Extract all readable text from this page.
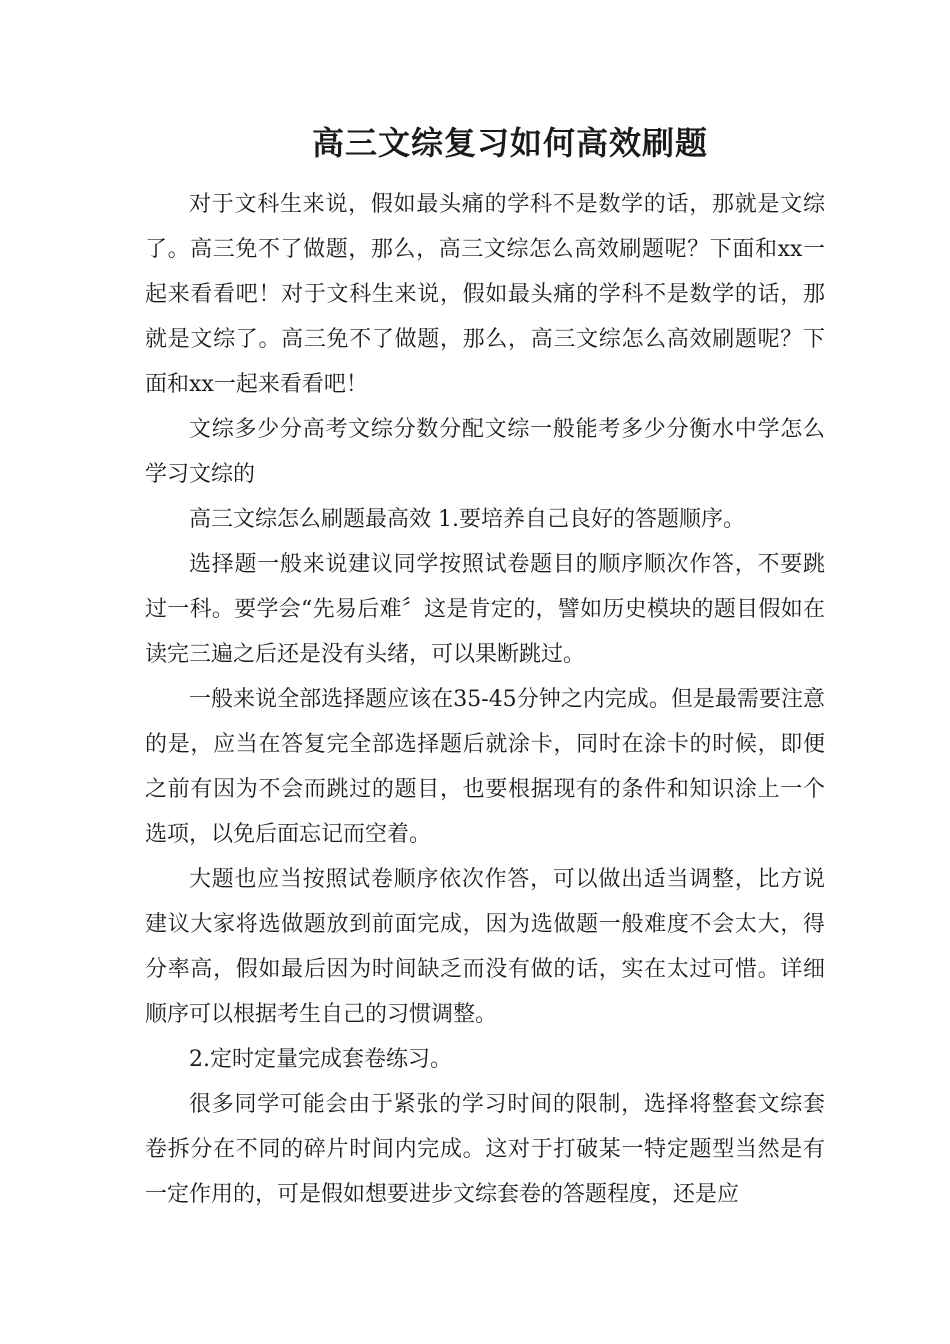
高三文综复习如何高效刷题

对于文科生来说，假如最头痛的学科不是数学的话，那就是文综了。高三免不了做题，那么，高三文综怎么高效刷题呢？下面和xx一起来看看吧！对于文科生来说，假如最头痛的学科不是数学的话，那就是文综了。高三免不了做题，那么，高三文综怎么高效刷题呢？下面和xx一起来看看吧！

文综多少分高考文综分数分配文综一般能考多少分衡水中学怎么学习文综的

高三文综怎么刷题最高效 1.要培养自己良好的答题顺序。

选择题一般来说建议同学按照试卷题目的顺序顺次作答，不要跳过一科。要学会“先易后难〞这是肯定的，譬如历史模块的题目假如在读完三遍之后还是没有头绪，可以果断跳过。

一般来说全部选择题应该在35-45分钟之内完成。但是最需要注意的是，应当在答复完全部选择题后就涂卡，同时在涂卡的时候，即便之前有因为不会而跳过的题目，也要根据现有的条件和知识涂上一个选项，以免后面忘记而空着。

大题也应当按照试卷顺序依次作答，可以做出适当调整，比方说建议大家将选做题放到前面完成，因为选做题一般难度不会太大，得分率高，假如最后因为时间缺乏而没有做的话，实在太过可惜。详细顺序可以根据考生自己的习惯调整。

2.定时定量完成套卷练习。

很多同学可能会由于紧张的学习时间的限制，选择将整套文综套卷拆分在不同的碎片时间内完成。这对于打破某一特定题型当然是有一定作用的，可是假如想要进步文综套卷的答题程度，还是应
